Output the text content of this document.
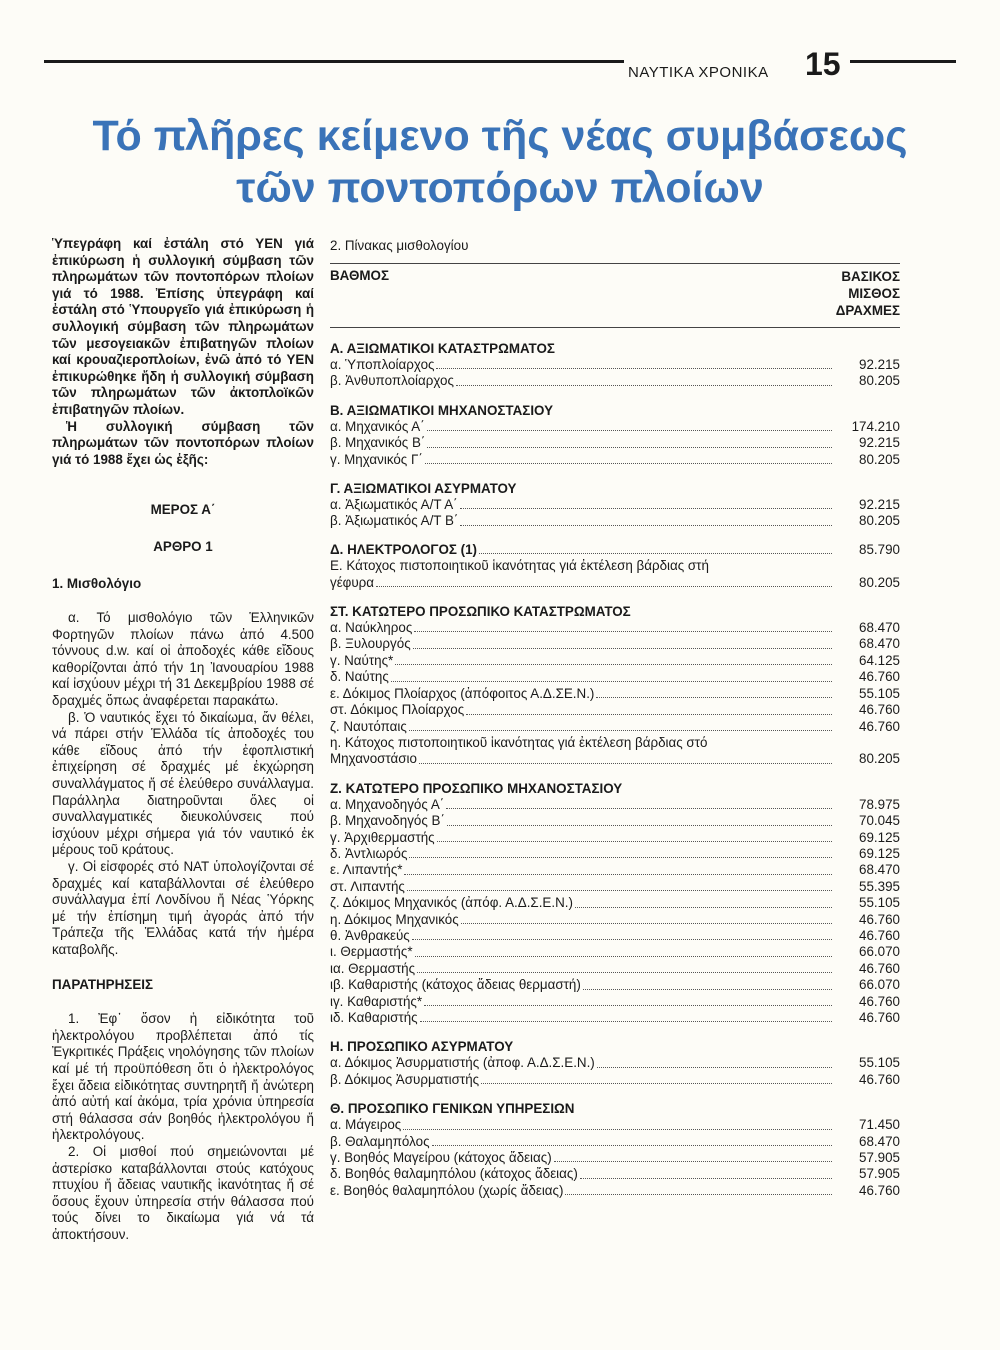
ΝΑΥΤΙΚΑ ΧΡΟΝΙΚΑ 15
Τό πλῆρες κείμενο τῆς νέας συμβάσεως
τῶν ποντοπόρων πλοίων

Ὑπεγράφη καί ἐστάλη στό ΥΕΝ γιά ἐπικύρωση ἡ συλλογική σύμβαση τῶν πληρωμάτων τῶν ποντοπόρων πλοίων γιά τό 1988. Ἐπίσης ὑπεγράφη καί ἐστάλη στό Ὑπουργεῖο γιά ἐπικύρωση ἡ συλλογική σύμβαση τῶν πληρωμάτων τῶν μεσογειακῶν ἐπιβατηγῶν πλοίων καί κρουαζιεροπλοίων, ἐνῶ ἀπό τό ΥΕΝ ἐπικυρώθηκε ἤδη ἡ συλλογική σύμβαση τῶν πληρωμάτων τῶν ἀκτοπλοϊκῶν ἐπιβατηγῶν πλοίων.

Ἡ συλλογική σύμβαση τῶν πληρωμάτων τῶν ποντοπόρων πλοίων γιά τό 1988 ἔχει ὡς ἑξῆς:

ΜΕΡΟΣ Α΄

ΑΡΘΡΟ 1

1. Μισθολόγιο

α. Τό μισθολόγιο τῶν Ἑλληνικῶν Φορτηγῶν πλοίων πάνω ἀπό 4.500 τόννους d.w. καί οἱ ἀποδοχές κάθε εἴδους καθορίζονται ἀπό τήν 1η Ἰανουαρίου 1988 καί ἰσχύουν μέχρι τή 31 Δεκεμβρίου 1988 σέ δραχμές ὅπως ἀναφέρεται παρακάτω.

β. Ὁ ναυτικός ἔχει τό δικαίωμα, ἄν θέλει, νά πάρει στήν Ἑλλάδα τίς ἀποδοχές του κάθε εἴδους ἀπό τήν ἐφοπλιστική ἐπιχείρηση σέ δραχμές μέ ἐκχώρηση συναλλάγματος ἤ σέ ἐλεύθερο συνάλλαγμα. Παράλληλα διατηροῦνται ὅλες οἱ συναλλαγματικές διευκολύνσεις πού ἰσχύουν μέχρι σήμερα γιά τόν ναυτικό ἐκ μέρους τοῦ κράτους.

γ. Οἱ εἰσφορές στό ΝΑΤ ὑπολογίζονται σέ δραχμές καί καταβάλλονται σέ ἐλεύθερο συνάλλαγμα ἐπί Λονδίνου ἤ Νέας Ὑόρκης μέ τήν ἐπίσημη τιμή ἀγοράς ἀπό τήν Τράπεζα τῆς Ἑλλάδας κατά τήν ἡμέρα καταβολῆς.

ΠΑΡΑΤΗΡΗΣΕΙΣ

1. Ἐφ᾽ ὅσον ἡ εἰδικότητα τοῦ ἠλεκτρολόγου προβλέπεται ἀπό τίς Ἐγκριτικές Πράξεις νηολόγησης τῶν πλοίων καί μέ τή προϋπόθεση ὅτι ὁ ἠλεκτρολόγος ἔχει ἄδεια εἰδικότητας συντηρητῆ ἤ ἀνώτερη ἀπό αὐτή καί ἀκόμα, τρία χρόνια ὑπηρεσία στή θάλασσα σάν βοηθός ἠλεκτρολόγου ἤ ἠλεκτρολόγους.

2. Οἱ μισθοί πού σημειώνονται μέ ἀστερίσκο καταβάλλονται στούς κατόχους πτυχίου ἤ ἄδειας ναυτικῆς ἱκανότητας ἤ σέ ὅσους ἔχουν ὑπηρεσία στήν θάλασσα πού τούς δίνει το δικαίωμα γιά νά τά ἀποκτήσουν.

2. Πίνακας μισθολογίου
ΒΑΘΜΟΣ	ΒΑΣΙΚΟΣ
ΜΙΣΘΟΣ
ΔΡΑΧΜΕΣ
Α. ΑΞΙΩΜΑΤΙΚΟΙ ΚΑΤΑΣΤΡΩΜΑΤΟΣ
α. Ὑποπλοίαρχος	92.215
β. Ἀνθυποπλοίαρχος	80.205
Β. ΑΞΙΩΜΑΤΙΚΟΙ ΜΗΧΑΝΟΣΤΑΣΙΟΥ
α. Μηχανικός Α΄	174.210
β. Μηχανικός Β΄	92.215
γ. Μηχανικός Γ΄	80.205
Γ. ΑΞΙΩΜΑΤΙΚΟΙ ΑΣΥΡΜΑΤΟΥ
α. Ἀξιωματικός Α/Τ Α΄	92.215
β. Ἀξιωματικός Α/Τ Β΄	80.205
Δ. ΗΛΕΚΤΡΟΛΟΓΟΣ (1)	85.790
Ε. Κάτοχος πιστοποιητικοῦ ἱκανότητας γιά ἐκτέλεση βάρδιας στή
γέφυρα	80.205
ΣΤ. ΚΑΤΩΤΕΡΟ ΠΡΟΣΩΠΙΚΟ ΚΑΤΑΣΤΡΩΜΑΤΟΣ
α. Ναύκληρος	68.470
β. Ξυλουργός	68.470
γ. Ναύτης*	64.125
δ. Ναύτης	46.760
ε. Δόκιμος Πλοίαρχος (ἀπόφοιτος Α.Δ.ΣΕ.Ν.)	55.105
στ. Δόκιμος Πλοίαρχος	46.760
ζ. Ναυτόπαις	46.760
η. Κάτοχος πιστοποιητικοῦ ἱκανότητας γιά ἐκτέλεση βάρδιας στό
Μηχανοστάσιο	80.205
Ζ. ΚΑΤΩΤΕΡΟ ΠΡΟΣΩΠΙΚΟ ΜΗΧΑΝΟΣΤΑΣΙΟΥ
α. Μηχανοδηγός Α΄	78.975
β. Μηχανοδηγός Β΄	70.045
γ. Ἀρχιθερμαστής	69.125
δ. Ἀντλιωρός	69.125
ε. Λιπαντής*	68.470
στ. Λιπαντής	55.395
ζ. Δόκιμος Μηχανικός (ἀπόφ. Α.Δ.Σ.Ε.Ν.)	55.105
η. Δόκιμος Μηχανικός	46.760
θ. Ἀνθρακεύς	46.760
ι. Θερμαστής*	66.070
ια. Θερμαστής	46.760
ιβ. Καθαριστής (κάτοχος ἄδειας θερμαστή)	66.070
ιγ. Καθαριστής*	46.760
ιδ. Καθαριστής	46.760
Η. ΠΡΟΣΩΠΙΚΟ ΑΣΥΡΜΑΤΟΥ
α. Δόκιμος Ἀσυρματιστής (ἀποφ. Α.Δ.Σ.Ε.Ν.)	55.105
β. Δόκιμος Ἀσυρματιστής	46.760
Θ. ΠΡΟΣΩΠΙΚΟ ΓΕΝΙΚΩΝ ΥΠΗΡΕΣΙΩΝ
α. Μάγειρος	71.450
β. Θαλαμηπόλος	68.470
γ. Βοηθός Μαγείρου (κάτοχος ἄδειας)	57.905
δ. Βοηθός θαλαμηπόλου (κάτοχος ἄδειας)	57.905
ε. Βοηθός θαλαμηπόλου (χωρίς ἄδειας)	46.760
